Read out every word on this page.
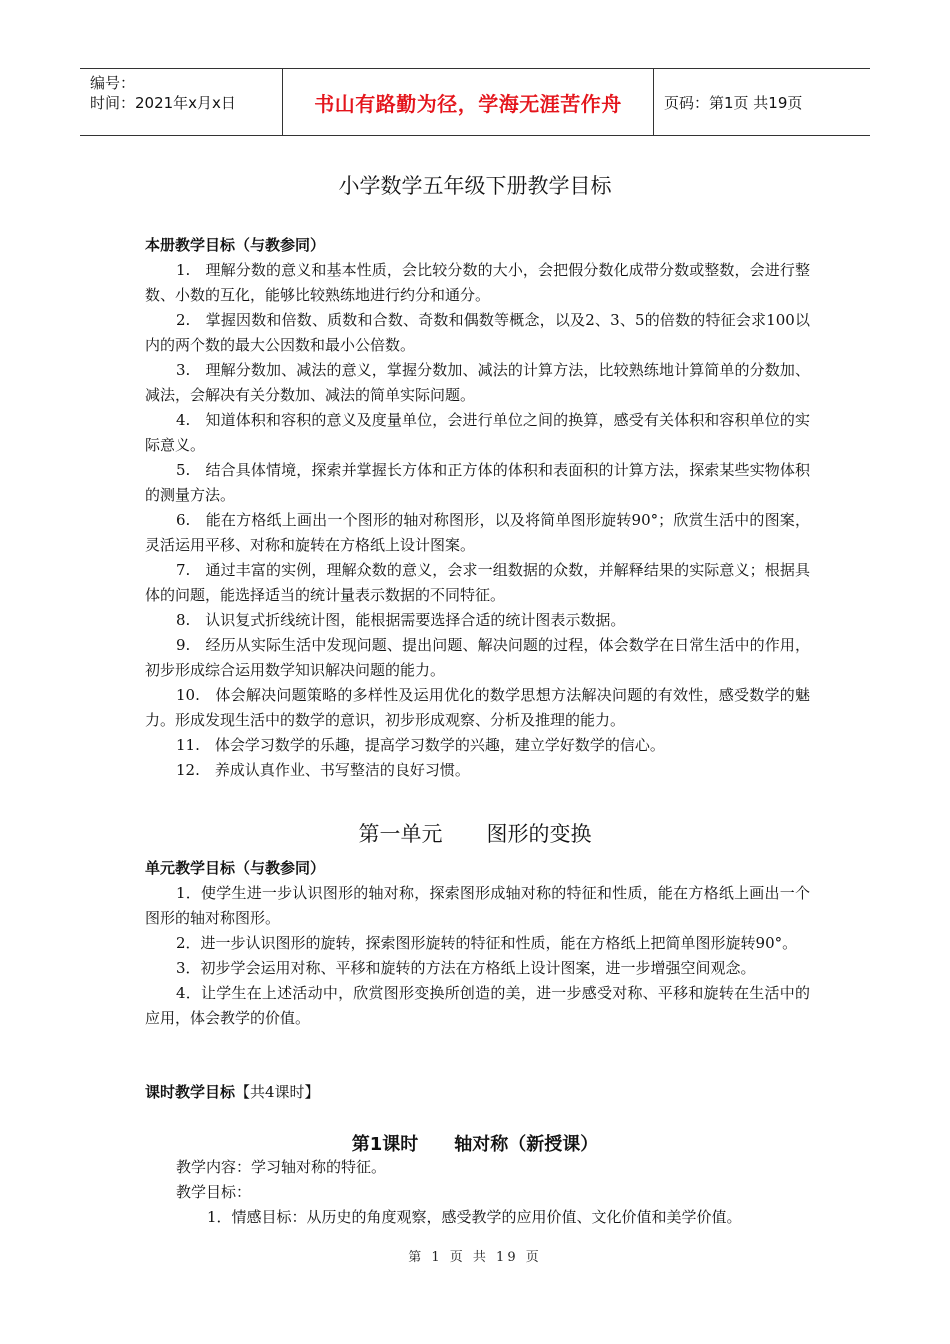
编号：
时间：2021年x月x日	书山有路勤为径，学海无涯苦作舟	页码：第1页 共19页
小学数学五年级下册教学目标
本册教学目标（与教参同）

1.　理解分数的意义和基本性质，会比较分数的大小，会把假分数化成带分数或整数，会进行整数、小数的互化，能够比较熟练地进行约分和通分。

2.　掌握因数和倍数、质数和合数、奇数和偶数等概念，以及2、3、5的倍数的特征会求100以内的两个数的最大公因数和最小公倍数。

3.　理解分数加、减法的意义，掌握分数加、减法的计算方法，比较熟练地计算简单的分数加、减法，会解决有关分数加、减法的简单实际问题。

4.　知道体积和容积的意义及度量单位，会进行单位之间的换算，感受有关体积和容积单位的实际意义。

5.　结合具体情境，探索并掌握长方体和正方体的体积和表面积的计算方法，探索某些实物体积的测量方法。

6.　能在方格纸上画出一个图形的轴对称图形，以及将简单图形旋转90°；欣赏生活中的图案，灵活运用平移、对称和旋转在方格纸上设计图案。

7.　通过丰富的实例，理解众数的意义，会求一组数据的众数，并解释结果的实际意义；根据具体的问题，能选择适当的统计量表示数据的不同特征。

8.　认识复式折线统计图，能根据需要选择合适的统计图表示数据。

9.　经历从实际生活中发现问题、提出问题、解决问题的过程，体会数学在日常生活中的作用，初步形成综合运用数学知识解决问题的能力。

10.　体会解决问题策略的多样性及运用优化的数学思想方法解决问题的有效性，感受数学的魅力。形成发现生活中的数学的意识，初步形成观察、分析及推理的能力。

11.　体会学习数学的乐趣，提高学习数学的兴趣，建立学好数学的信心。

12.　养成认真作业、书写整洁的良好习惯。

第一单元 图形的变换
单元教学目标（与教参同）

1．使学生进一步认识图形的轴对称，探索图形成轴对称的特征和性质，能在方格纸上画出一个图形的轴对称图形。

2．进一步认识图形的旋转，探索图形旋转的特征和性质，能在方格纸上把简单图形旋转90°。

3．初步学会运用对称、平移和旋转的方法在方格纸上设计图案，进一步增强空间观念。

4．让学生在上述活动中，欣赏图形变换所创造的美，进一步感受对称、平移和旋转在生活中的应用，体会教学的价值。

课时教学目标【共4课时】
第1课时 轴对称（新授课）
教学内容：学习轴对称的特征。
教学目标：
1．情感目标：从历史的角度观察，感受教学的应用价值、文化价值和美学价值。
第 1 页 共 19 页
